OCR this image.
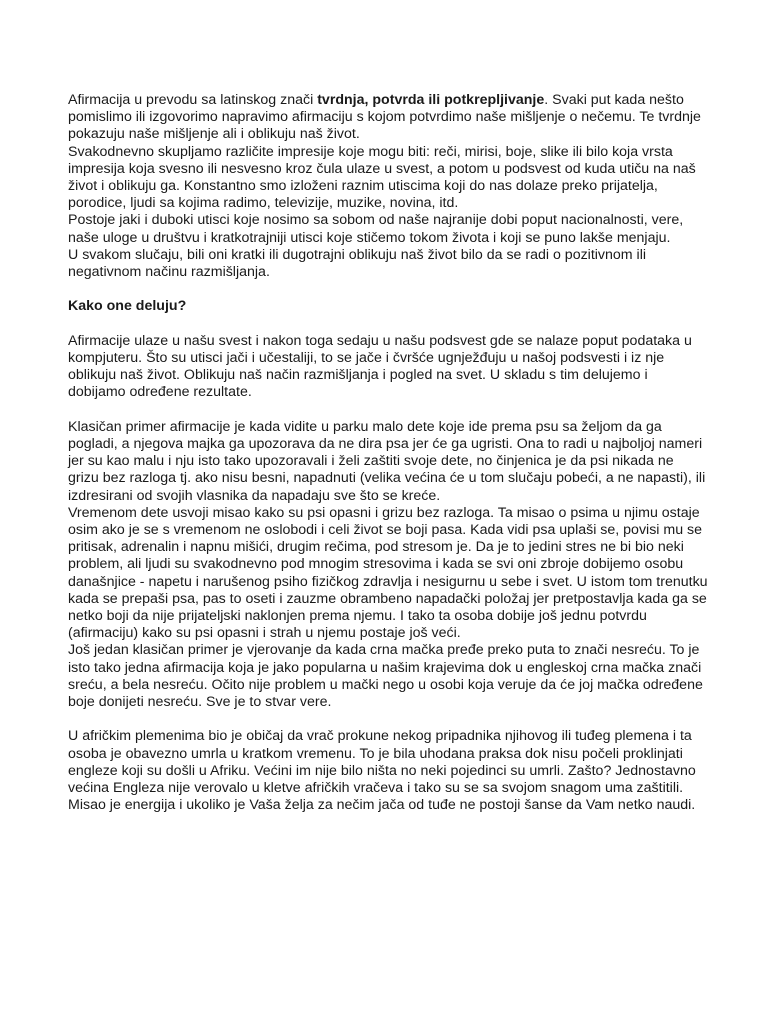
Afirmacija u prevodu sa latinskog znači tvrdnja, potvrda ili potkrepljivanje. Svaki put kada nešto pomislimo ili izgovorimo napravimo afirmaciju s kojom potvrdimo naše mišljenje o nečemu. Te tvrdnje pokazuju naše mišljenje ali i oblikuju naš život.

Svakodnevno skupljamo različite impresije koje mogu biti: reči, mirisi, boje, slike ili bilo koja vrsta impresija koja svesno ili nesvesno kroz čula ulaze u svest, a potom u podsvest od kuda utiču na naš život i oblikuju ga. Konstantno smo izloženi raznim utiscima koji do nas dolaze preko prijatelja, porodice, ljudi sa kojima radimo, televizije, muzike, novina, itd.

Postoje jaki i duboki utisci koje nosimo sa sobom od naše najranije dobi poput nacionalnosti, vere, naše uloge u društvu i kratkotrajniji utisci koje stičemo tokom života i koji se puno lakše menjaju.

U svakom slučaju, bili oni kratki ili dugotrajni oblikuju naš život bilo da se radi o pozitivnom ili negativnom načinu razmišljanja.

Kako one deluju?

Afirmacije ulaze u našu svest i nakon toga sedaju u našu podsvest gde se nalaze poput podataka u kompjuteru. Što su utisci jači i učestaliji, to se jače i čvršće ugnježđuju u našoj podsvesti i iz nje oblikuju naš život. Oblikuju naš način razmišljanja i pogled na svet. U skladu s tim delujemo i dobijamo određene rezultate.

Klasičan primer afirmacije je kada vidite u parku malo dete koje ide prema psu sa željom da ga pogladi, a njegova majka ga upozorava da ne dira psa jer će ga ugristi. Ona to radi u najboljoj nameri jer su kao malu i nju isto tako upozoravali i želi zaštiti svoje dete, no činjenica je da psi nikada ne grizu bez razloga tj. ako nisu besni, napadnuti (velika većina će u tom slučaju pobeći, a ne napasti), ili izdresirani od svojih vlasnika da napadaju sve što se kreće.

Vremenom dete usvoji misao kako su psi opasni i grizu bez razloga. Ta misao o psima u njimu ostaje osim ako je se s vremenom ne oslobodi i celi život se boji pasa. Kada vidi psa uplaši se, povisi mu se pritisak, adrenalin i napnu mišići, drugim rečima, pod stresom je. Da je to jedini stres ne bi bio neki problem, ali ljudi su svakodnevno pod mnogim stresovima i kada se svi oni zbroje dobijemo osobu današnjice - napetu i narušenog psiho fizičkog zdravlja i nesigurnu u sebe i svet. U istom tom trenutku kada se prepaši psa, pas to oseti i zauzme obrambeno napadački položaj jer pretpostavlja kada ga se netko boji da nije prijateljski naklonjen prema njemu. I tako ta osoba dobije još jednu potvrdu (afirmaciju) kako su psi opasni i strah u njemu postaje još veći.

Još jedan klasičan primer je vjerovanje da kada crna mačka pređe preko puta to znači nesreću. To je isto tako jedna afirmacija koja je jako popularna u našim krajevima dok u engleskoj crna mačka znači sreću, a bela nesreću. Očito nije problem u mački nego u osobi koja veruje da će joj mačka određene boje donijeti nesreću. Sve je to stvar vere.

U afričkim plemenima bio je običaj da vrač prokune nekog pripadnika njihovog ili tuđeg plemena i ta osoba je obavezno umrla u kratkom vremenu. To je bila uhodana praksa dok nisu počeli proklinjati engleze koji su došli u Afriku. Većini im nije bilo ništa no neki pojedinci su umrli. Zašto? Jednostavno većina Engleza nije verovalo u kletve afričkih vračeva i tako su se sa svojom snagom uma zaštitili.

Misao je energija i ukoliko je Vaša želja za nečim jača od tuđe ne postoji šanse da Vam netko naudi.
